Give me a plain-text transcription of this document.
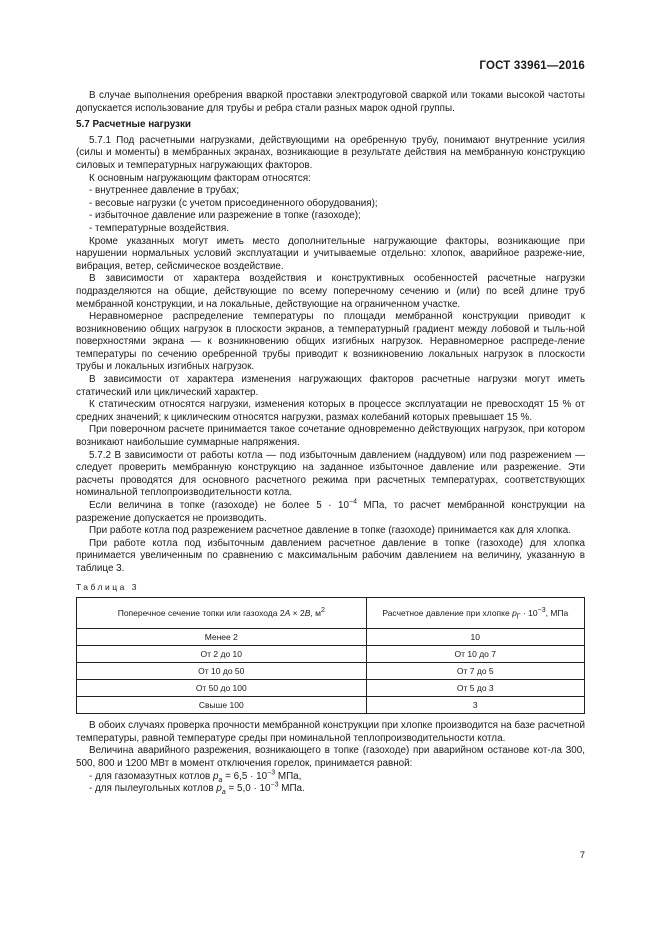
ГОСТ 33961—2016

В случае выполнения оребрения вваркой проставки электродуговой сваркой или токами высокой частоты допускается использование для трубы и ребра стали разных марок одной группы.

5.7 Расчетные нагрузки

5.7.1 Под расчетными нагрузками, действующими на оребренную трубу, понимают внутренние усилия (силы и моменты) в мембранных экранах, возникающие в результате действия на мембранную конструкцию силовых и температурных нагружающих факторов.

К основным нагружающим факторам относятся:

- внутреннее давление в трубах;

- весовые нагрузки (с учетом присоединенного оборудования);

- избыточное давление или разрежение в топке (газоходе);

- температурные воздействия.

Кроме указанных могут иметь место дополнительные нагружающие факторы, возникающие при нарушении нормальных условий эксплуатации и учитываемые отдельно: хлопок, аварийное разреже-ние, вибрация, ветер, сейсмическое воздействие.

В зависимости от характера воздействия и конструктивных особенностей расчетные нагрузки подразделяются на общие, действующие по всему поперечному сечению и (или) по всей длине труб мембранной конструкции, и на локальные, действующие на ограниченном участке.

Неравномерное распределение температуры по площади мембранной конструкции приводит к возникновению общих нагрузок в плоскости экранов, а температурный градиент между лобовой и тыль-ной поверхностями экрана — к возникновению общих изгибных нагрузок. Неравномерное распреде-ление температуры по сечению оребренной трубы приводит к возникновению локальных нагрузок в плоскости трубы и локальных изгибных нагрузок.

В зависимости от характера изменения нагружающих факторов расчетные нагрузки могут иметь статический или циклический характер.

К статическим относятся нагрузки, изменения которых в процессе эксплуатации не превосходят 15 % от средних значений; к циклическим относятся нагрузки, размах колебаний которых превышает 15 %.

При поверочном расчете принимается такое сочетание одновременно действующих нагрузок, при котором возникают наибольшие суммарные напряжения.

5.7.2 В зависимости от работы котла — под избыточным давлением (наддувом) или под разрежением — следует проверить мембранную конструкцию на заданное избыточное давление или разрежение. Эти расчеты проводятся для основного расчетного режима при расчетных температурах, соответствующих номинальной теплопроизводительности котла.

Если величина в топке (газоходе) не более $5 \cdot 10^{-4}$ МПа, то расчет мембранной конструкции на разрежение допускается не производить.

При работе котла под разрежением расчетное давление в топке (газоходе) принимается как для хлопка.

При работе котла под избыточным давлением расчетное давление в топке (газоходе) для хлопка принимается увеличенным по сравнению с максимальным рабочим давлением на величину, указанную в таблице 3.

Таблица 3

Поперечное сечение топки или газохода 2A × 2B, $м^2$	Расчетное давление при хлопке $p_Г \cdot 10^{-3}$, МПа
Менее 2	10
От 2 до 10	От 10 до 7
От 10 до 50	От 7 до 5
От 50 до 100	От 5 до 3
Свыше 100	3

В обоих случаях проверка прочности мембранной конструкции при хлопке производится на базе расчетной температуры, равной температуре среды при номинальной теплопроизводительности котла.

Величина аварийного разрежения, возникающего в топке (газоходе) при аварийном останове кот-ла 300, 500, 800 и 1200 МВт в момент отключения горелок, принимается равной:

- для газомазутных котлов $p_a = 6,5 \cdot 10^{-3}$ МПа,

- для пылеугольных котлов $p_a = 5,0 \cdot 10^{-3}$ МПа.

7
